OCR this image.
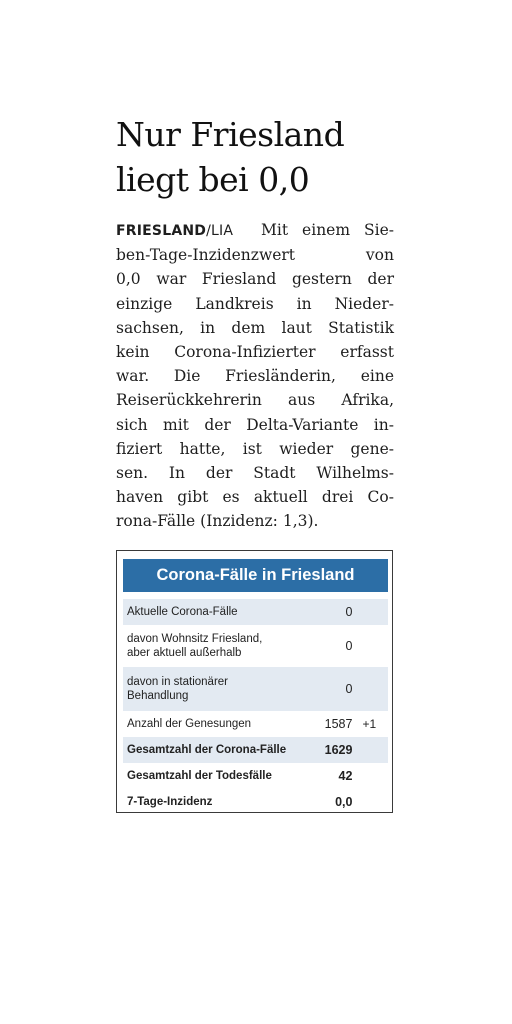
Nur Friesland
liegt bei 0,0
FRIESLAND/LIA Mit einem Sie-
ben-Tage-Inzidenzwert von
0,0 war Friesland gestern der
einzige Landkreis in Nieder-
sachsen, in dem laut Statistik
kein Corona-Infizierter erfasst
war. Die Friesländerin, eine
Reiserückkehrerin aus Afrika,
sich mit der Delta-Variante in-
fiziert hatte, ist wieder gene-
sen. In der Stadt Wilhelms-
haven gibt es aktuell drei Co-
rona-Fälle (Inzidenz: 1,3).
Corona-Fälle in Friesland
Aktuelle Corona-Fälle	0	
davon Wohnsitz Friesland,
aber aktuell außerhalb	0	
davon in stationärer
Behandlung	0	
Anzahl der Genesungen	1587	+1
Gesamtzahl der Corona-Fälle	1629	
Gesamtzahl der Todesfälle	42	
7-Tage-Inzidenz	0,0	
